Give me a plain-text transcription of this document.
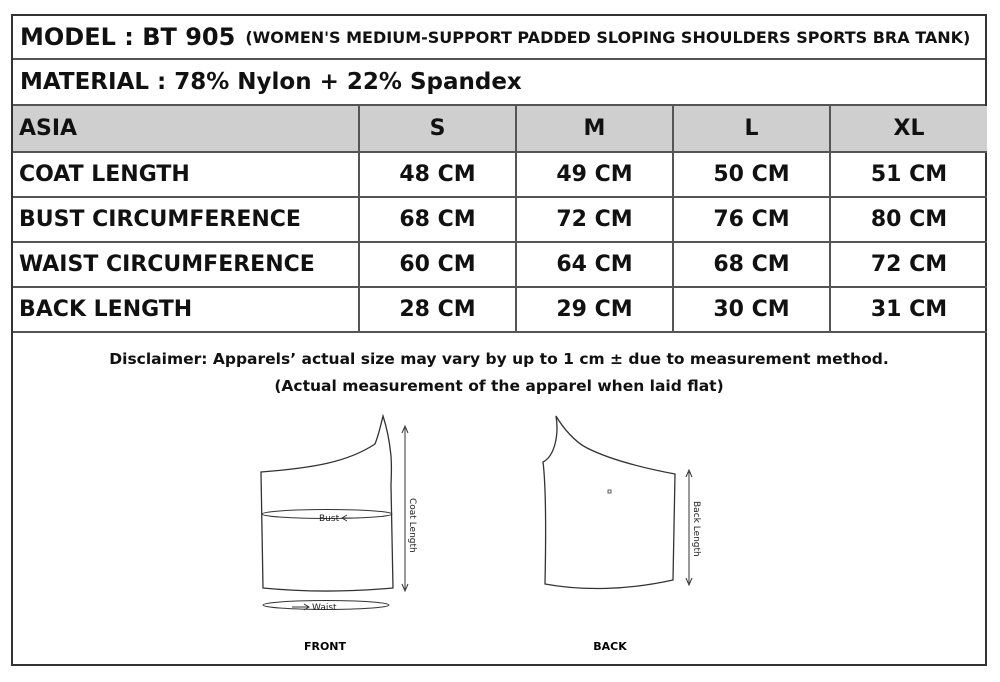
MODEL : BT 905 (WOMEN'S MEDIUM-SUPPORT PADDED SLOPING SHOULDERS SPORTS BRA TANK)
MATERIAL : 78% Nylon + 22% Spandex
ASIA	S	M	L	XL
COAT LENGTH	48 CM	49 CM	50 CM	51 CM
BUST CIRCUMFERENCE	68 CM	72 CM	76 CM	80 CM
WAIST CIRCUMFERENCE	60 CM	64 CM	68 CM	72 CM
BACK LENGTH	28 CM	29 CM	30 CM	31 CM
Disclaimer: Apparels’ actual size may vary by up to 1 cm ± due to measurement method.
(Actual measurement of the apparel when laid flat)
Bust
Waist
Coat Length
FRONT
Back Length
BACK
